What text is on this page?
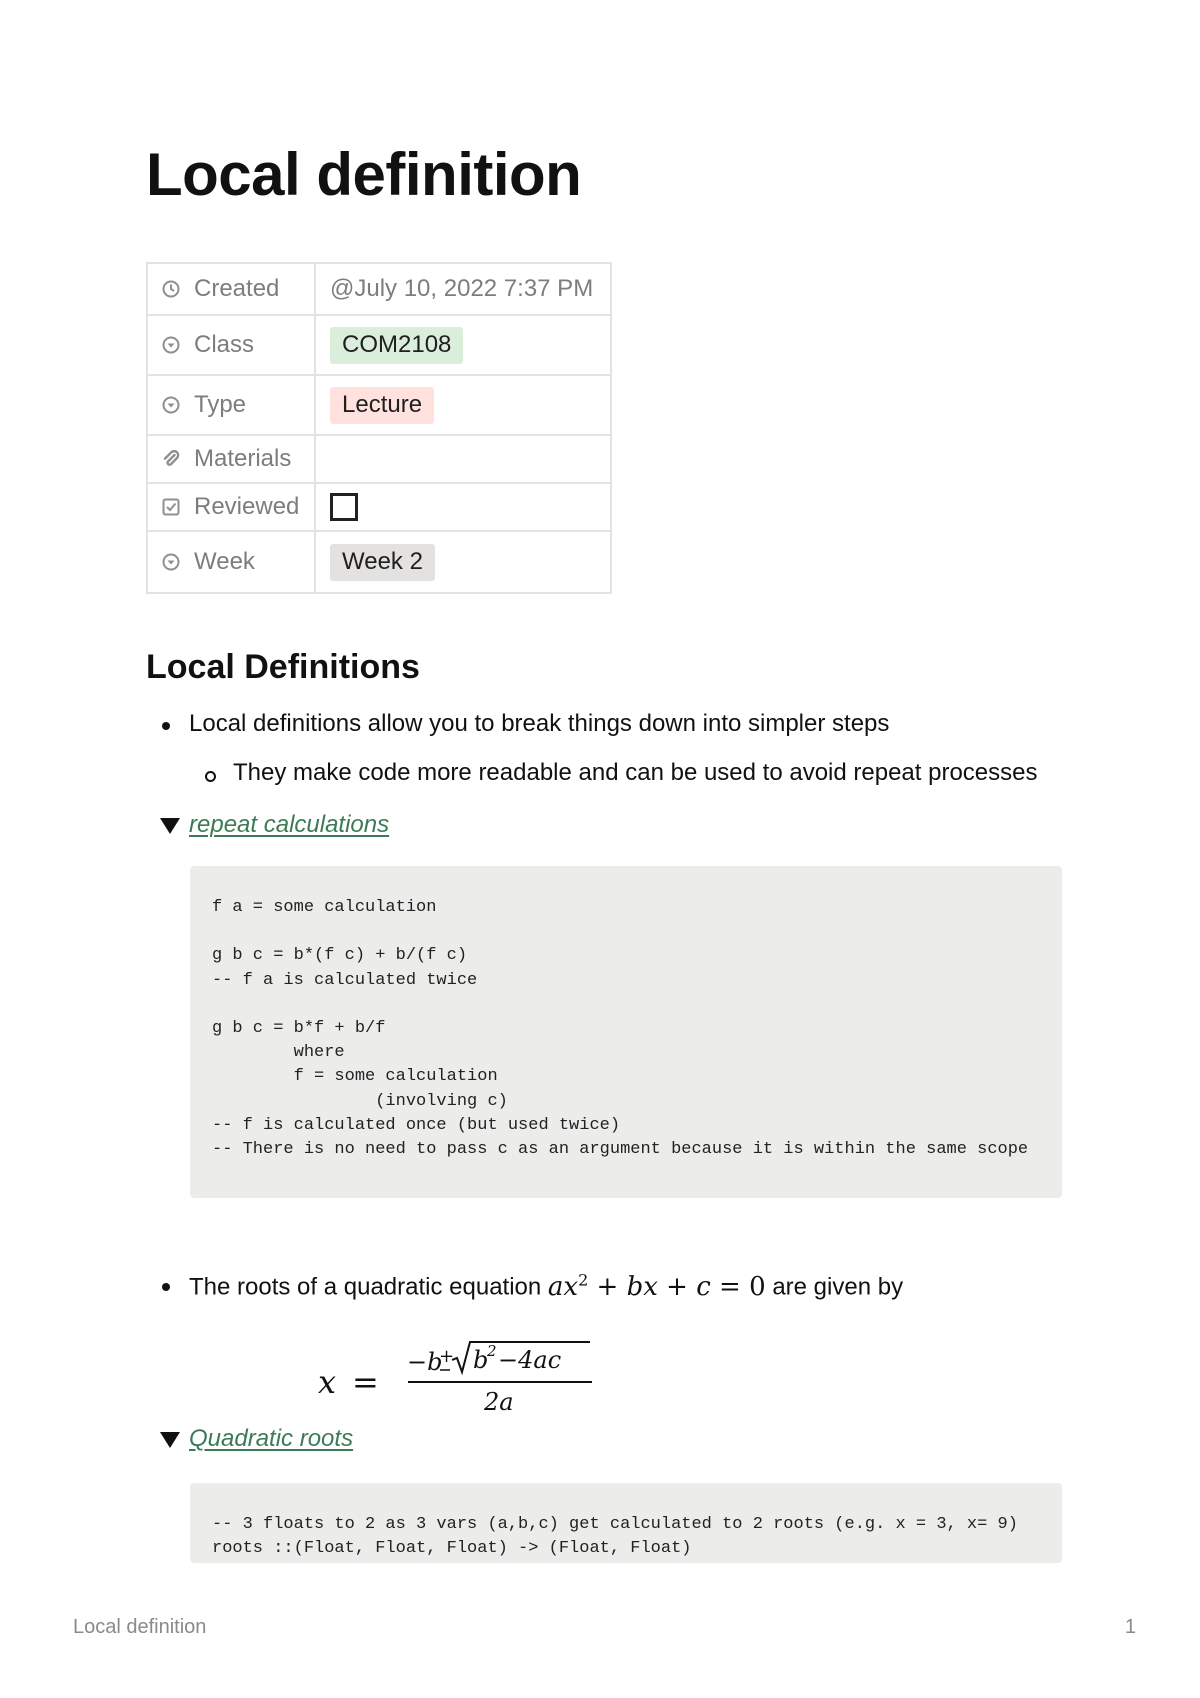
Local definition
Created	@July 10, 2022 7:37 PM

Class	COM2108

Type	Lecture

Materials	

Reviewed	

Week	Week 2
Local Definitions
Local definitions allow you to break things down into simpler steps
They make code more readable and can be used to avoid repeat processes
repeat calculations
f a = some calculation

g b c = b*(f c) + b/(f c)
-- f a is calculated twice

g b c = b*f + b/f
where
f = some calculation
(involving c)
-- f is calculated once (but used twice)
-- There is no need to pass c as an argument because it is within the same scope
The roots of a quadratic equation $ax^2$ + bx + c = 0 are given by
x =
−b
+ b
2 −4ac
2a
Quadratic roots
-- 3 floats to 2 as 3 vars (a,b,c) get calculated to 2 roots (e.g. x = 3, x= 9)
roots ::(Float, Float, Float) -> (Float, Float)
Local definition	1
